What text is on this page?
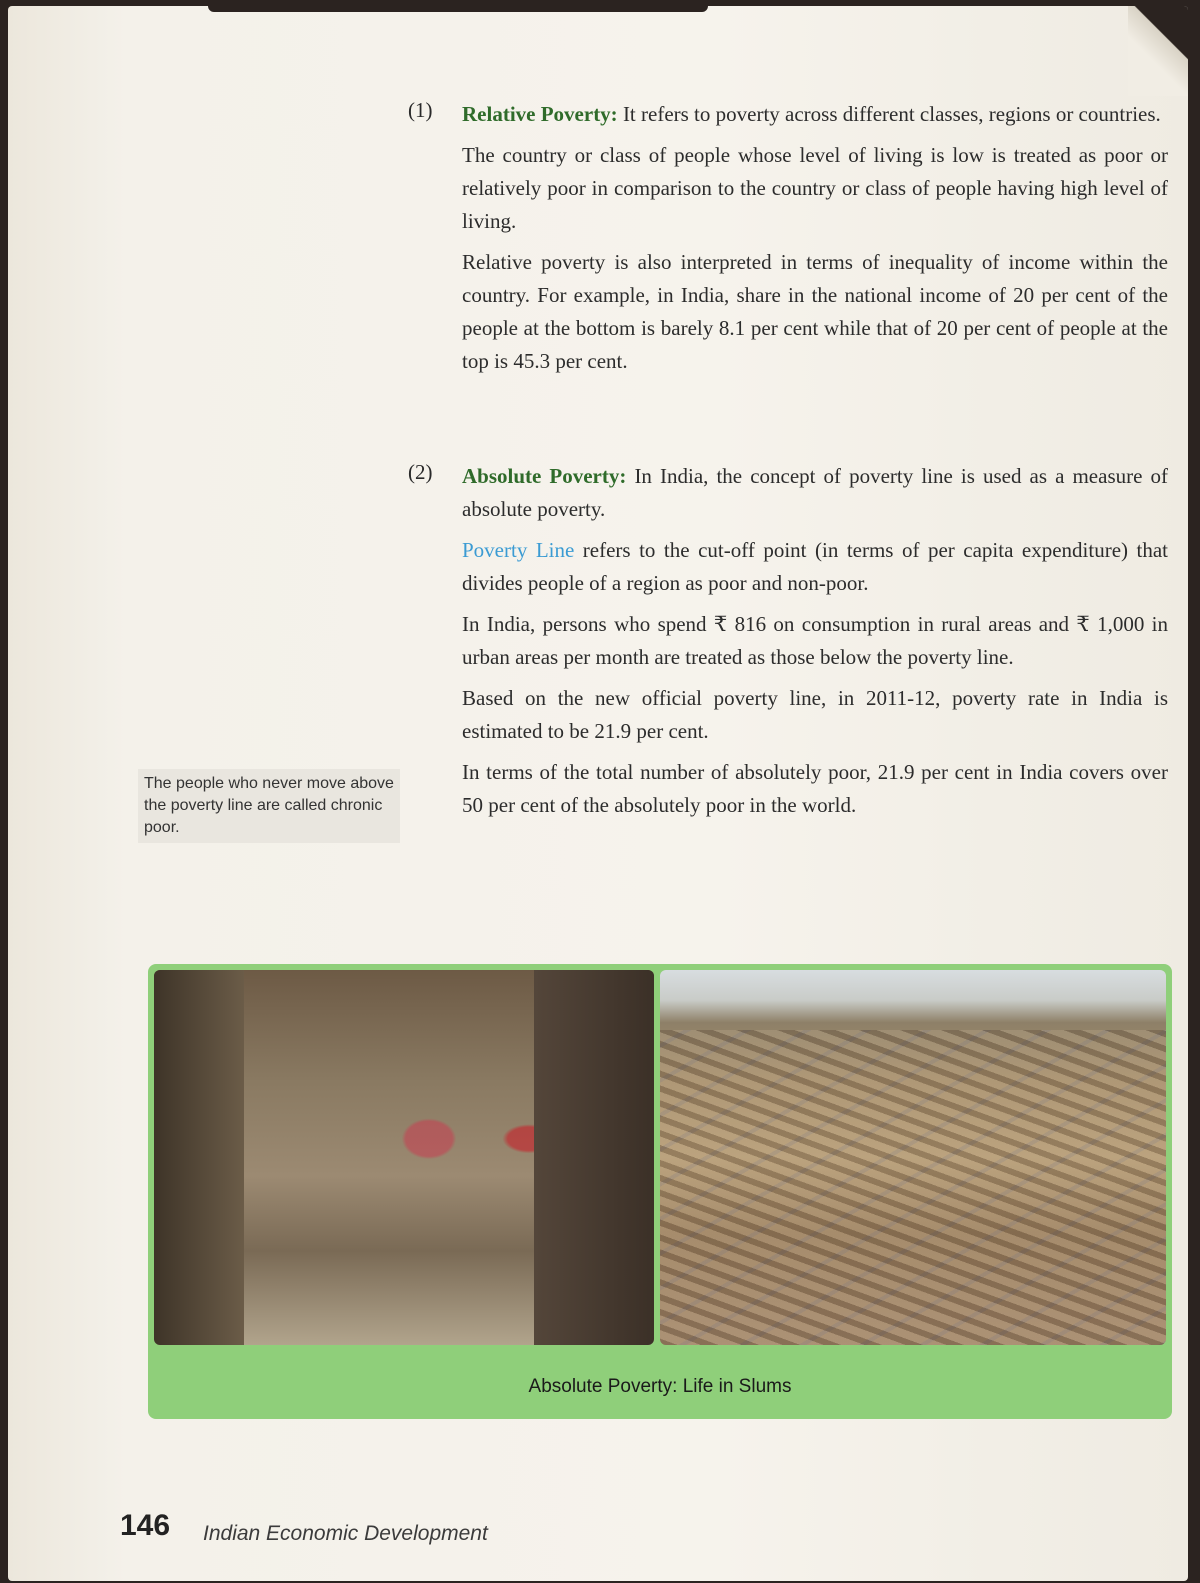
(1)	Relative Poverty: It refers to poverty across different classes, regions or countries.

The country or class of people whose level of living is low is treated as poor or relatively poor in comparison to the country or class of people having high level of living.

Relative poverty is also interpreted in terms of inequality of income within the country. For example, in India, share in the national income of 20 per cent of the people at the bottom is barely 8.1 per cent while that of 20 per cent of people at the top is 45.3 per cent.

(2)	Absolute Poverty: In India, the concept of poverty line is used as a measure of absolute poverty.

Poverty Line refers to the cut-off point (in terms of per capita expenditure) that divides people of a region as poor and non-poor.

In India, persons who spend ₹ 816 on consumption in rural areas and ₹ 1,000 in urban areas per month are treated as those below the poverty line.

Based on the new official poverty line, in 2011-12, poverty rate in India is estimated to be 21.9 per cent.

In terms of the total number of absolutely poor, 21.9 per cent in India covers over 50 per cent of the absolutely poor in the world.

The people who never move above the poverty line are called chronic poor.
Absolute Poverty: Life in Slums
146 Indian Economic Development
